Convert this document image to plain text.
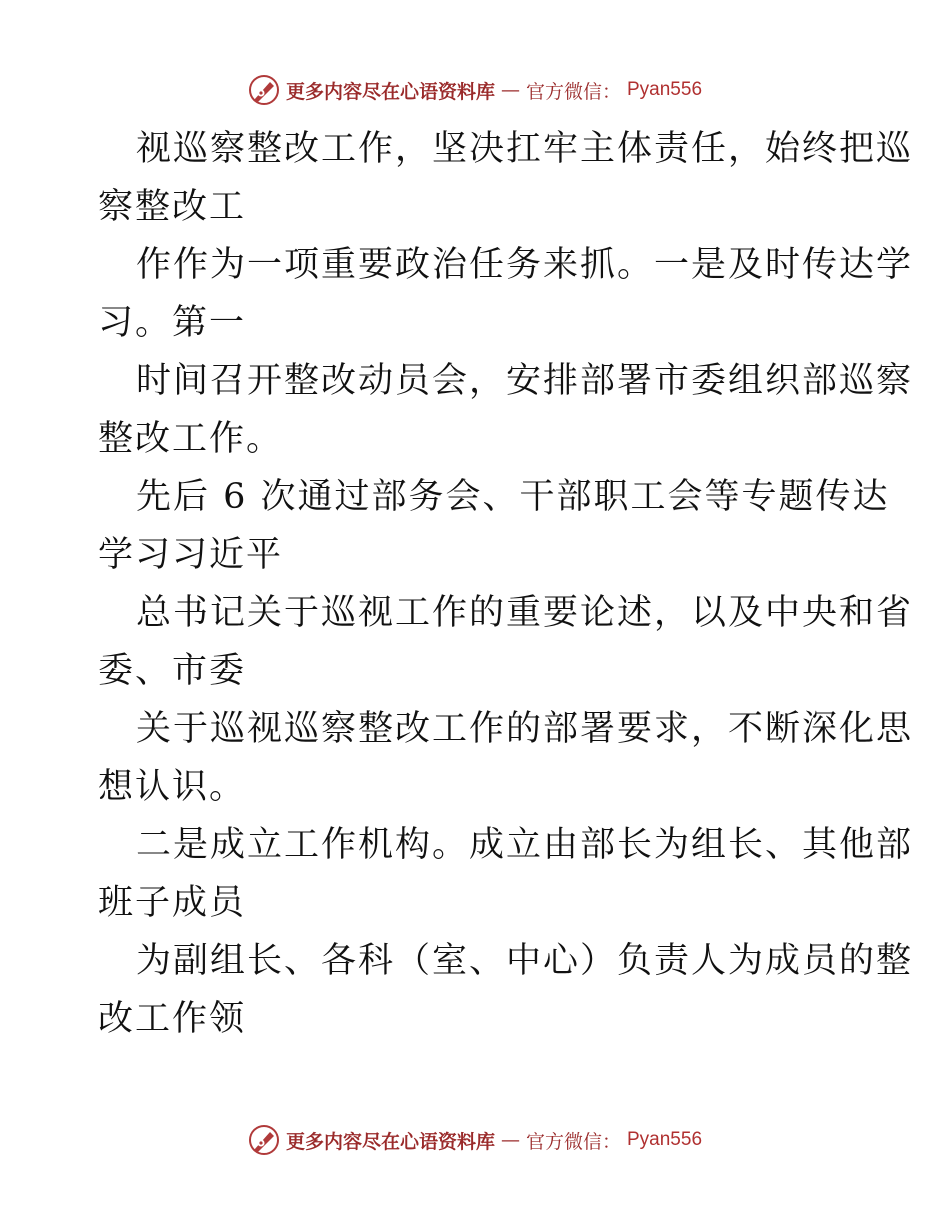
更多内容尽在心语资料库 — 官方微信： Pyan556
视巡察整改工作，坚决扛牢主体责任，始终把巡
察整改工
作作为一项重要政治任务来抓。一是及时传达学
习。第一
时间召开整改动员会，安排部署市委组织部巡察
整改工作。
先后 6 次通过部务会、干部职工会等专题传达
学习习近平
总书记关于巡视工作的重要论述，以及中央和省
委、市委
关于巡视巡察整改工作的部署要求，不断深化思
想认识。
二是成立工作机构。成立由部长为组长、其他部
班子成员
为副组长、各科（室、中心）负责人为成员的整
改工作领
更多内容尽在心语资料库 — 官方微信： Pyan556
